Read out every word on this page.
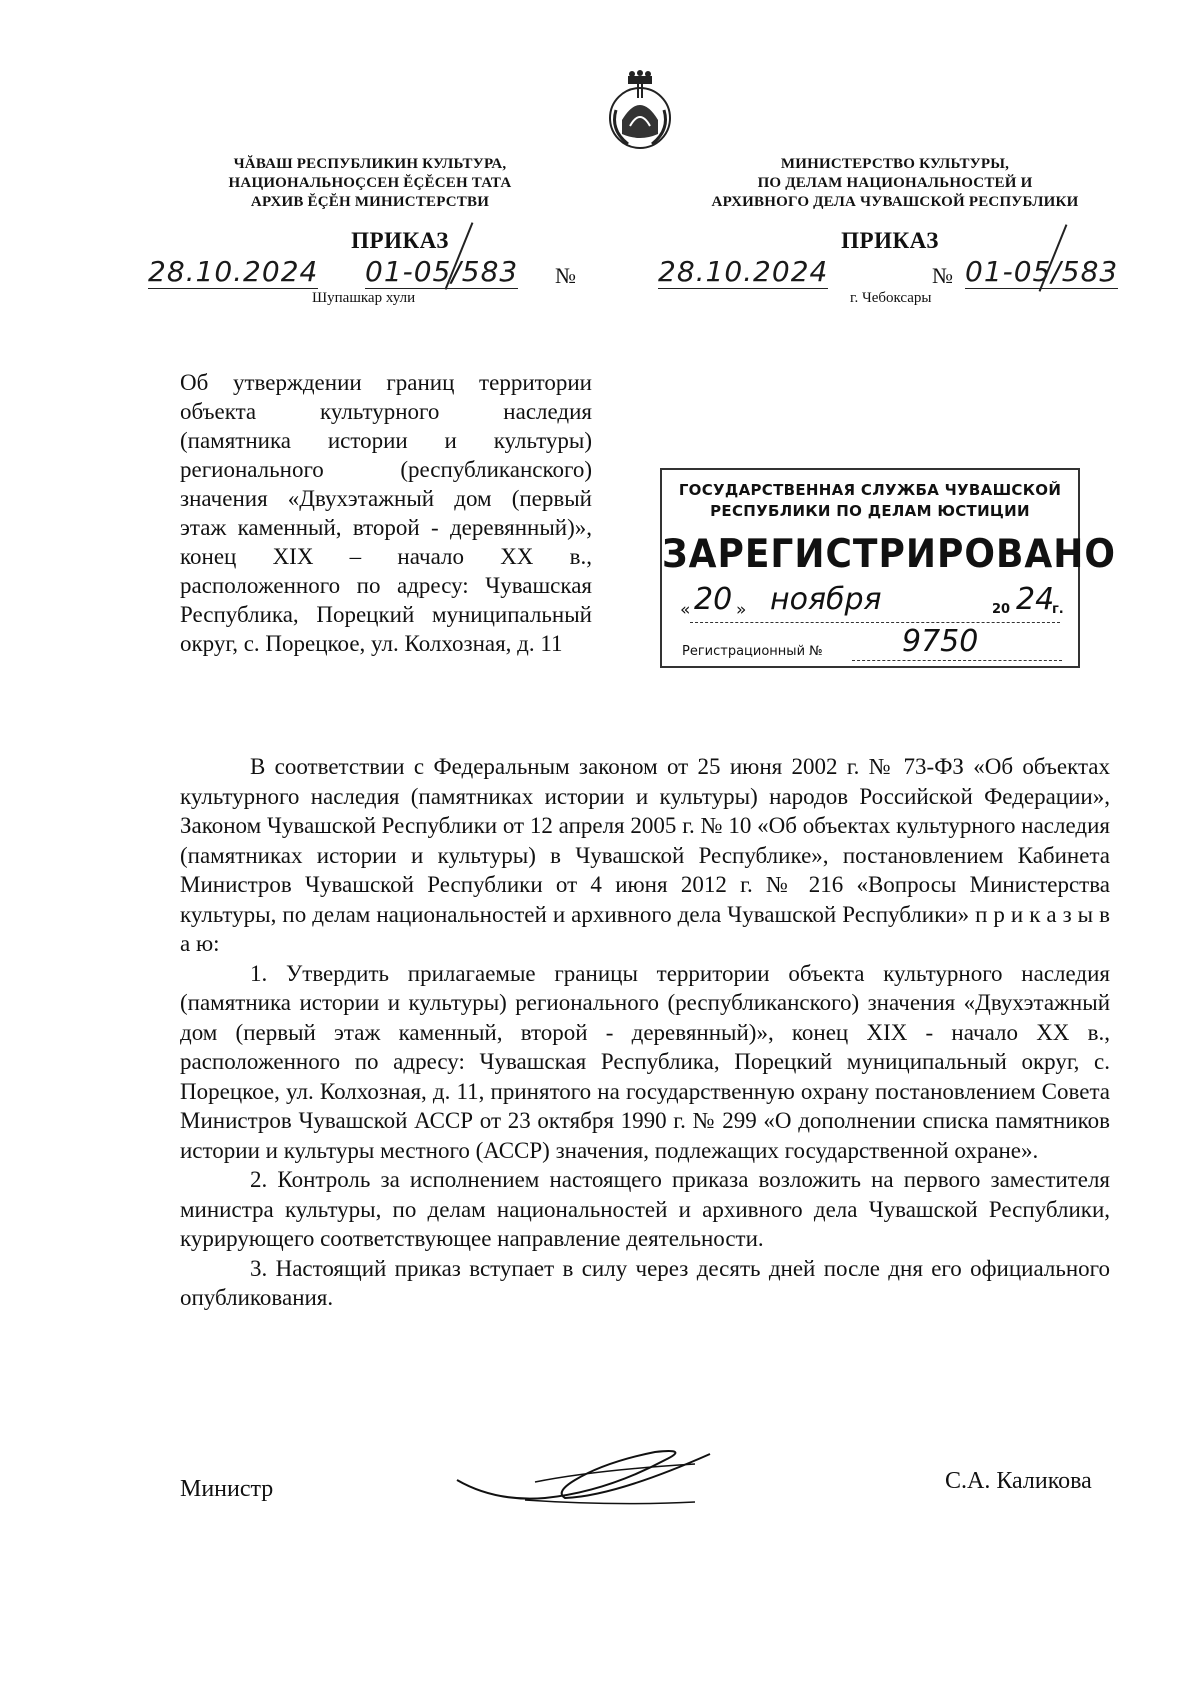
ЧĂВАШ РЕСПУБЛИКИН КУЛЬТУРА,
НАЦИОНАЛЬНОÇСЕН ĔÇĔСЕН ТАТА
АРХИВ ĔÇĔН МИНИСТЕРСТВИ
МИНИСТЕРСТВО КУЛЬТУРЫ,
ПО ДЕЛАМ НАЦИОНАЛЬНОСТЕЙ И
АРХИВНОГО ДЕЛА ЧУВАШСКОЙ РЕСПУБЛИКИ
ПРИКАЗ	ПРИКАЗ
28.10.2024 01-05/583 №	28.10.2024	№ 01-05/583
Шупашкар хули	г. Чебоксары
Об утверждении границ территории объекта культурного наследия (памятника истории и культуры) регионального (республиканского) значения «Двухэтажный дом (первый этаж каменный, второй - деревянный)», конец XIX – начало XX в., расположенного по адресу: Чувашская Республика, Порецкий муниципальный округ, с. Порецкое, ул. Колхозная, д. 11
ГОСУДАРСТВЕННАЯ СЛУЖБА ЧУВАШСКОЙ
РЕСПУБЛИКИ ПО ДЕЛАМ ЮСТИЦИИ
ЗАРЕГИСТРИРОВАНО
« 20 » ноября	20 24
г.
Регистрационный №	9750

В соответствии с Федеральным законом от 25 июня 2002 г. № 73-ФЗ «Об объектах культурного наследия (памятниках истории и культуры) народов Российской Федерации», Законом Чувашской Республики от 12 апреля 2005 г. № 10 «Об объектах культурного наследия (памятниках истории и культуры) в Чувашской Республике», постановлением Кабинета Министров Чувашской Республики от 4 июня 2012 г. № 216 «Вопросы Министерства культуры, по делам национальностей и архивного дела Чувашской Республики» п р и к а з ы в а ю:

1. Утвердить прилагаемые границы территории объекта культурного наследия (памятника истории и культуры) регионального (республиканского) значения «Двухэтажный дом (первый этаж каменный, второй - деревянный)», конец XIX - начало XX в., расположенного по адресу: Чувашская Республика, Порецкий муниципальный округ, с. Порецкое, ул. Колхозная, д. 11, принятого на государственную охрану постановлением Совета Министров Чувашской АССР от 23 октября 1990 г. № 299 «О дополнении списка памятников истории и культуры местного (АССР) значения, подлежащих государственной охране».

2. Контроль за исполнением настоящего приказа возложить на первого заместителя министра культуры, по делам национальностей и архивного дела Чувашской Республики, курирующего соответствующее направление деятельности.

3. Настоящий приказ вступает в силу через десять дней после дня его официального опубликования.

Министр	С.А. Каликова
